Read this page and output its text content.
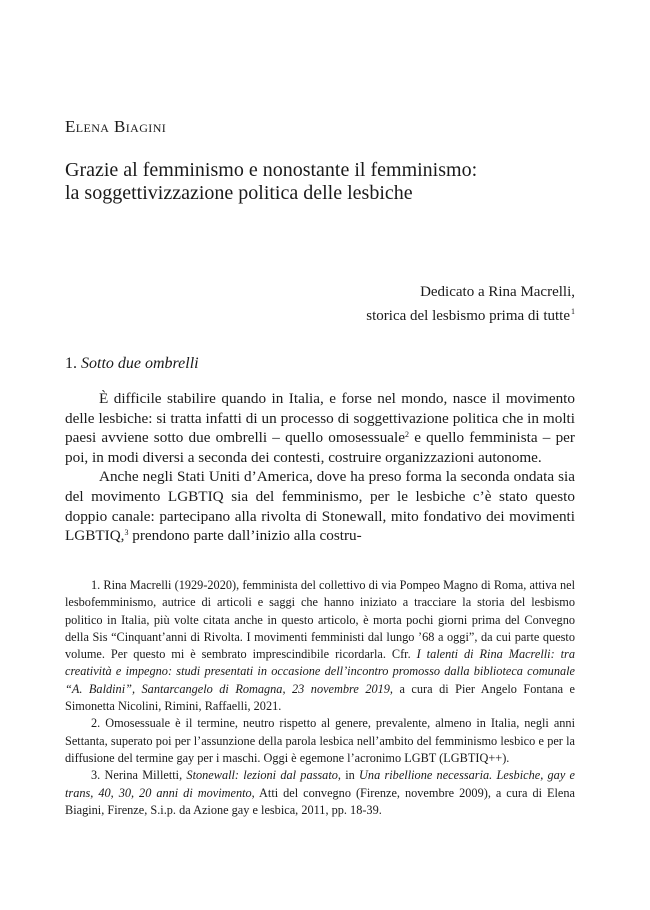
Elena Biagini
Grazie al femminismo e nonostante il femminismo:
la soggettivizzazione politica delle lesbiche
Dedicato a Rina Macrelli,
storica del lesbismo prima di tutte$^1$
1. Sotto due ombrelli

È difficile stabilire quando in Italia, e forse nel mondo, nasce il movimento delle lesbiche: si tratta infatti di un processo di soggettivazione politica che in molti paesi avviene sotto due ombrelli – quello omosessuale$^2$ e quello femminista – per poi, in modi diversi a seconda dei contesti, costruire organizzazioni autonome.

Anche negli Stati Uniti d’America, dove ha preso forma la seconda ondata sia del movimento LGBTIQ sia del femminismo, per le lesbiche c’è stato questo doppio canale: partecipano alla rivolta di Stonewall, mito fondativo dei movimenti LGBTIQ,$^3$ prendono parte dall’inizio alla costru-

1. Rina Macrelli (1929-2020), femminista del collettivo di via Pompeo Magno di Roma, attiva nel lesbofemminismo, autrice di articoli e saggi che hanno iniziato a tracciare la storia del lesbismo politico in Italia, più volte citata anche in questo articolo, è morta pochi giorni prima del Convegno della Sis “Cinquant’anni di Rivolta. I movimenti femministi dal lungo ’68 a oggi”, da cui parte questo volume. Per questo mi è sembrato imprescindibile ricordarla. Cfr. I talenti di Rina Macrelli: tra creatività e impegno: studi presentati in occasione dell’incontro promosso dalla biblioteca comunale “A. Baldini”, Santarcangelo di Romagna, 23 novembre 2019, a cura di Pier Angelo Fontana e Simonetta Nicolini, Rimini, Raffaelli, 2021.

2. Omosessuale è il termine, neutro rispetto al genere, prevalente, almeno in Italia, negli anni Settanta, superato poi per l’assunzione della parola lesbica nell’ambito del femminismo lesbico e per la diffusione del termine gay per i maschi. Oggi è egemone l’acronimo LGBT (LGBTIQ++).

3. Nerina Milletti, Stonewall: lezioni dal passato, in Una ribellione necessaria. Lesbiche, gay e trans, 40, 30, 20 anni di movimento, Atti del convegno (Firenze, novembre 2009), a cura di Elena Biagini, Firenze, S.i.p. da Azione gay e lesbica, 2011, pp. 18-39.
